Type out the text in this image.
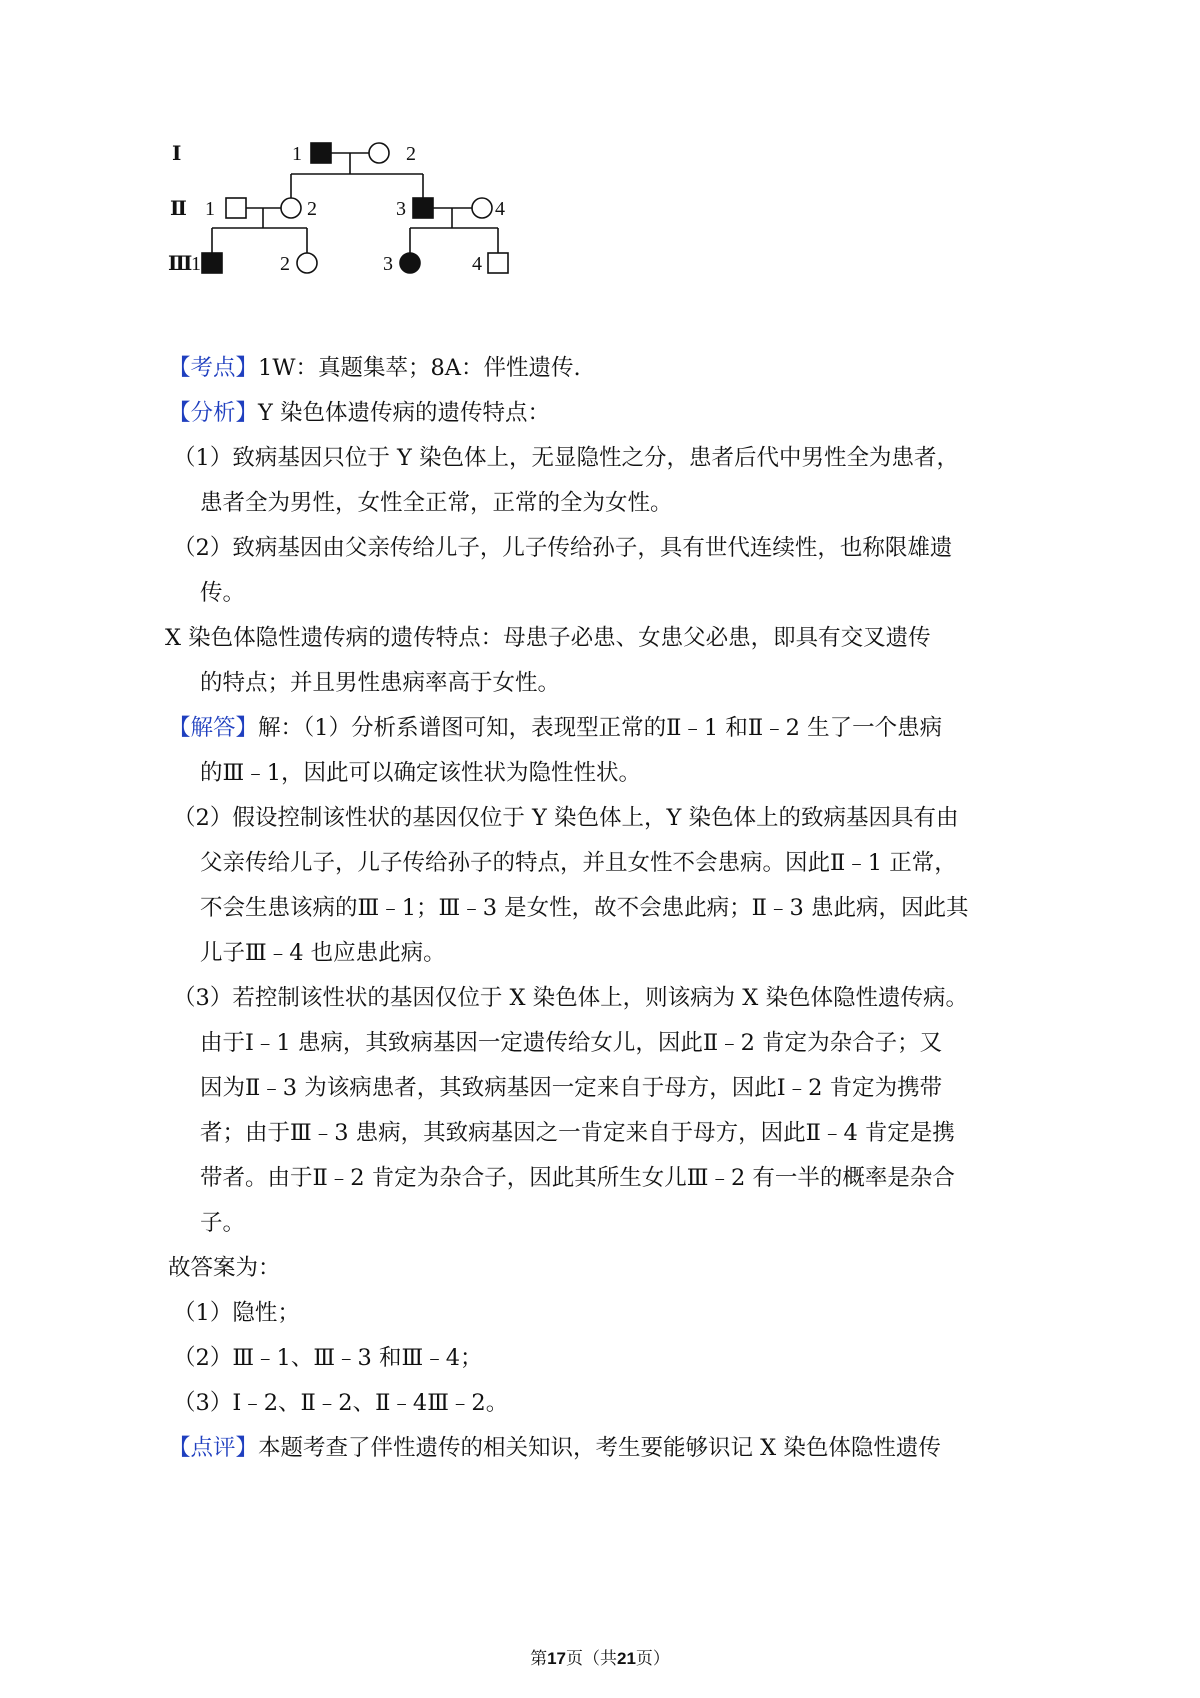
Ⅰ
Ⅱ
Ⅲ
1	2
1	2	3	4
1	2	3	4
【考点】1W：真题集萃；8A：伴性遗传.
【分析】Y 染色体遗传病的遗传特点：
（1）致病基因只位于 Y 染色体上，无显隐性之分，患者后代中男性全为患者，
患者全为男性，女性全正常，正常的全为女性。
（2）致病基因由父亲传给儿子，儿子传给孙子，具有世代连续性，也称限雄遗
传。
X 染色体隐性遗传病的遗传特点：母患子必患、女患父必患，即具有交叉遗传
的特点；并且男性患病率高于女性。
【解答】解：（1）分析系谱图可知，表现型正常的Ⅱ﹣1 和Ⅱ﹣2 生了一个患病
的Ⅲ﹣1，因此可以确定该性状为隐性性状。
（2）假设控制该性状的基因仅位于 Y 染色体上，Y 染色体上的致病基因具有由
父亲传给儿子，儿子传给孙子的特点，并且女性不会患病。因此Ⅱ﹣1 正常，
不会生患该病的Ⅲ﹣1；Ⅲ﹣3 是女性，故不会患此病；Ⅱ﹣3 患此病，因此其
儿子Ⅲ﹣4 也应患此病。
（3）若控制该性状的基因仅位于 X 染色体上，则该病为 X 染色体隐性遗传病。
由于Ⅰ﹣1 患病，其致病基因一定遗传给女儿，因此Ⅱ﹣2 肯定为杂合子；又
因为Ⅱ﹣3 为该病患者，其致病基因一定来自于母方，因此Ⅰ﹣2 肯定为携带
者；由于Ⅲ﹣3 患病，其致病基因之一肯定来自于母方，因此Ⅱ﹣4 肯定是携
带者。由于Ⅱ﹣2 肯定为杂合子，因此其所生女儿Ⅲ﹣2 有一半的概率是杂合
子。
故答案为：
（1）隐性；
（2）Ⅲ﹣1、Ⅲ﹣3 和Ⅲ﹣4；
（3）Ⅰ﹣2、Ⅱ﹣2、Ⅱ﹣4Ⅲ﹣2。
【点评】本题考查了伴性遗传的相关知识，考生要能够识记 X 染色体隐性遗传
第17页（共21页）
